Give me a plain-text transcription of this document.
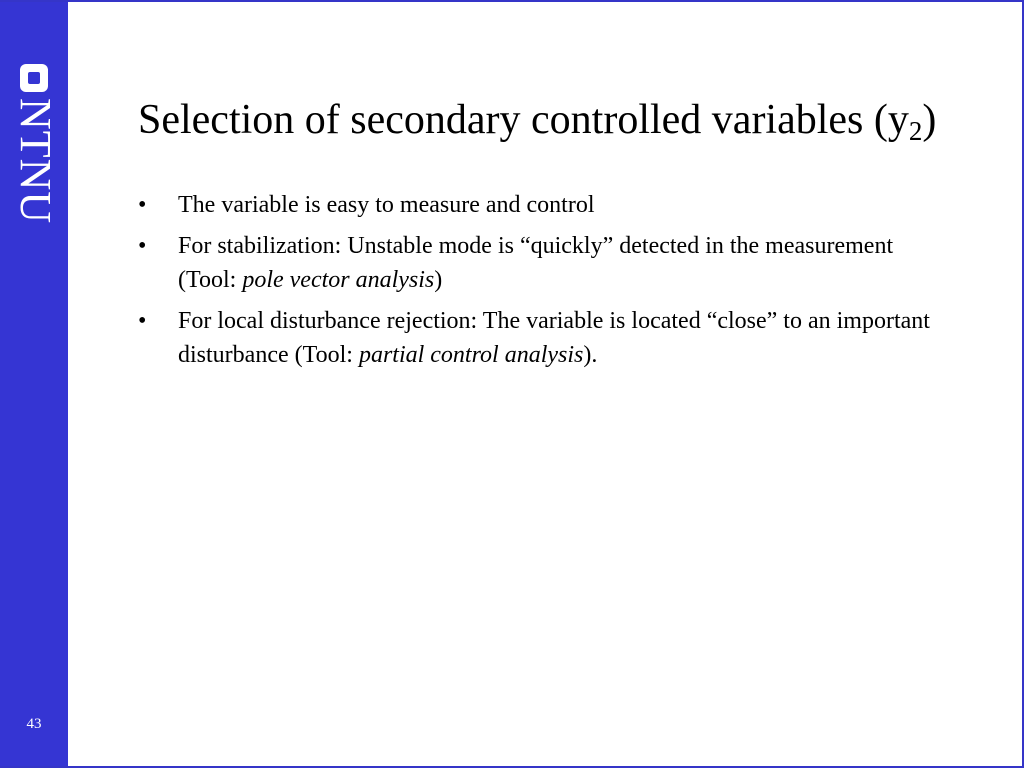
NTNU
43
Selection of secondary controlled variables $(y_2)$
• The variable is easy to measure and control
• For stabilization: Unstable mode is “quickly” detected in the measurement (Tool: pole vector analysis)
• For local disturbance rejection: The variable is located “close” to an important disturbance (Tool: partial control analysis).
